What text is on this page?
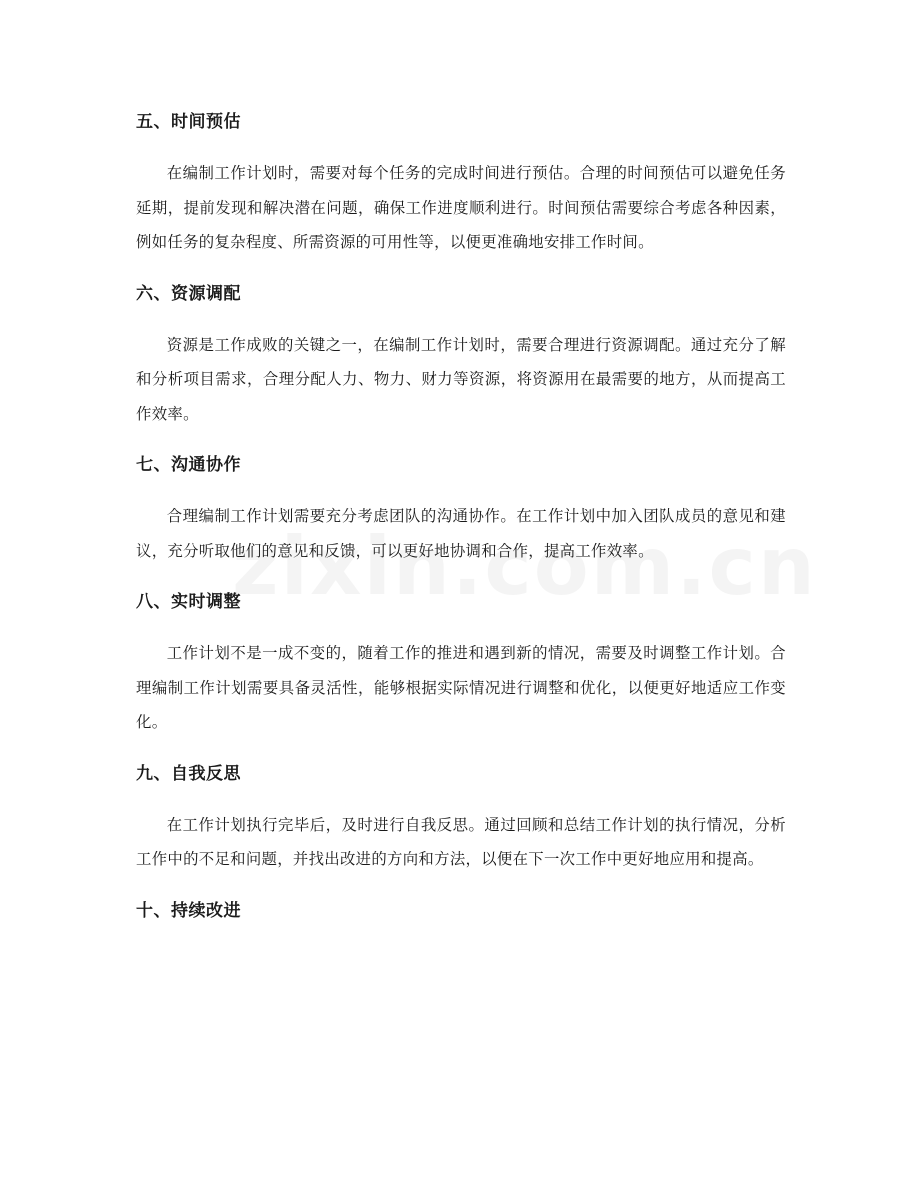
五、时间预估

在编制工作计划时，需要对每个任务的完成时间进行预估。合理的时间预估可以避免任务延期，提前发现和解决潜在问题，确保工作进度顺利进行。时间预估需要综合考虑各种因素，例如任务的复杂程度、所需资源的可用性等，以便更准确地安排工作时间。

六、资源调配

资源是工作成败的关键之一，在编制工作计划时，需要合理进行资源调配。通过充分了解和分析项目需求，合理分配人力、物力、财力等资源，将资源用在最需要的地方，从而提高工作效率。

七、沟通协作

合理编制工作计划需要充分考虑团队的沟通协作。在工作计划中加入团队成员的意见和建议，充分听取他们的意见和反馈，可以更好地协调和合作，提高工作效率。

八、实时调整

工作计划不是一成不变的，随着工作的推进和遇到新的情况，需要及时调整工作计划。合理编制工作计划需要具备灵活性，能够根据实际情况进行调整和优化，以便更好地适应工作变化。

九、自我反思

在工作计划执行完毕后，及时进行自我反思。通过回顾和总结工作计划的执行情况，分析工作中的不足和问题，并找出改进的方向和方法，以便在下一次工作中更好地应用和提高。

十、持续改进
